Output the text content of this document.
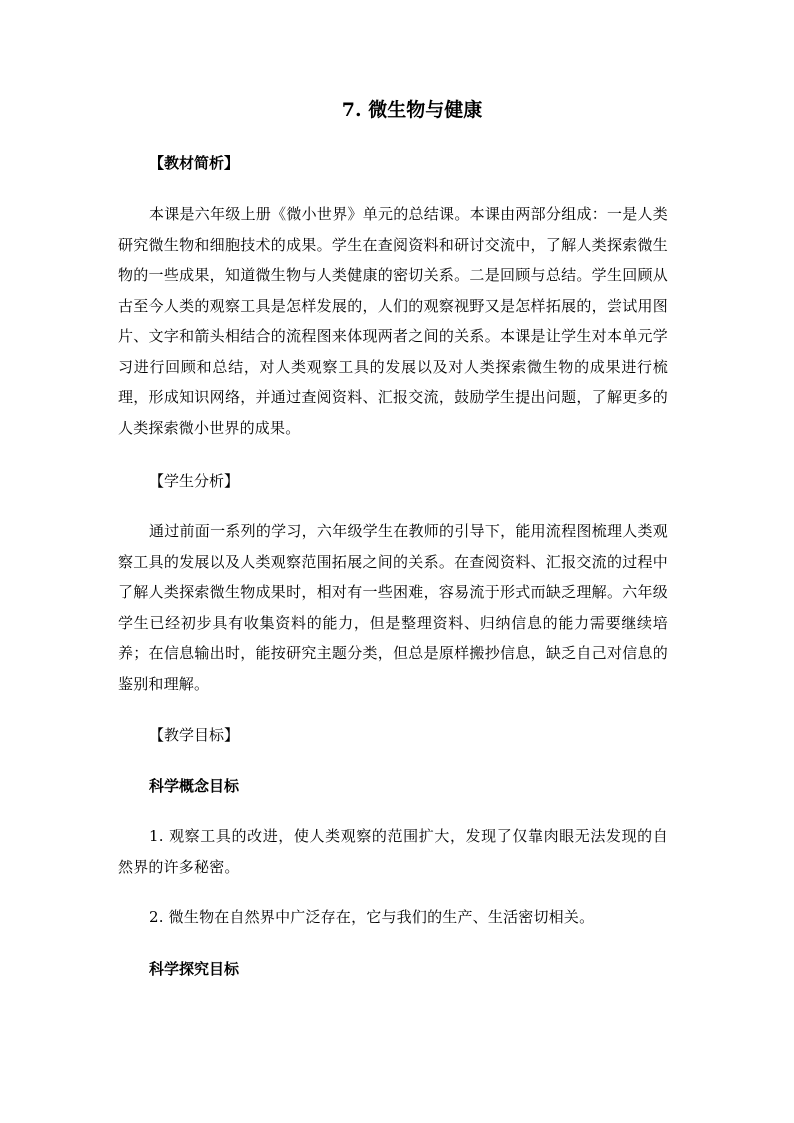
7. 微生物与健康
【教材简析】

本课是六年级上册《微小世界》单元的总结课。本课由两部分组成：一是人类研究微生物和细胞技术的成果。学生在查阅资料和研讨交流中，了解人类探索微生物的一些成果，知道微生物与人类健康的密切关系。二是回顾与总结。学生回顾从古至今人类的观察工具是怎样发展的，人们的观察视野又是怎样拓展的，尝试用图片、文字和箭头相结合的流程图来体现两者之间的关系。本课是让学生对本单元学习进行回顾和总结，对人类观察工具的发展以及对人类探索微生物的成果进行梳理，形成知识网络，并通过查阅资料、汇报交流，鼓励学生提出问题，了解更多的人类探索微小世界的成果。

【学生分析】

通过前面一系列的学习，六年级学生在教师的引导下，能用流程图梳理人类观察工具的发展以及人类观察范围拓展之间的关系。在查阅资料、汇报交流的过程中了解人类探索微生物成果时，相对有一些困难，容易流于形式而缺乏理解。六年级学生已经初步具有收集资料的能力，但是整理资料、归纳信息的能力需要继续培养；在信息输出时，能按研究主题分类，但总是原样搬抄信息，缺乏自己对信息的鉴别和理解。

【教学目标】
科学概念目标

1. 观察工具的改进，使人类观察的范围扩大，发现了仅靠肉眼无法发现的自然界的许多秘密。

2. 微生物在自然界中广泛存在，它与我们的生产、生活密切相关。

科学探究目标
